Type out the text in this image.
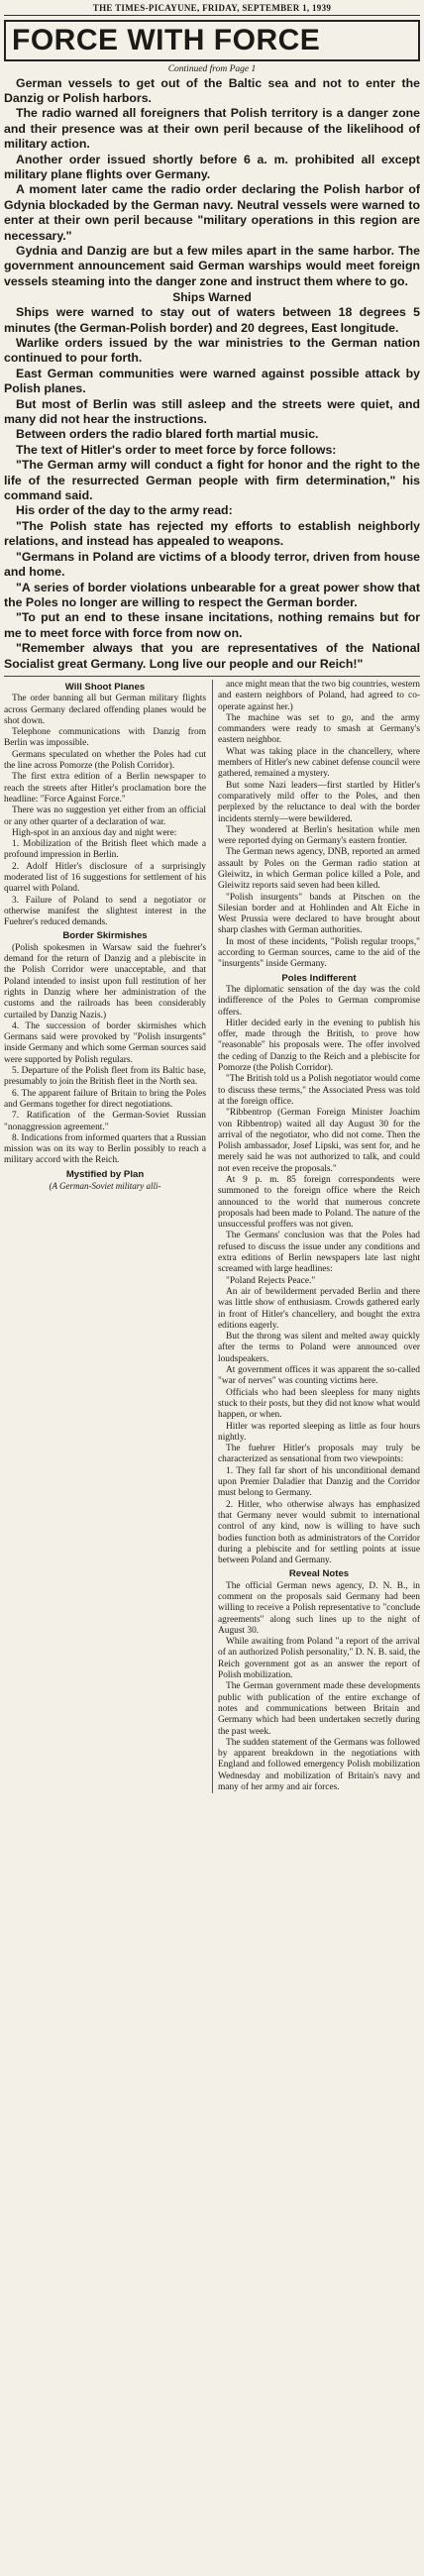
THE TIMES-PICAYUNE, FRIDAY, SEPTEMBER 1, 1939
FORCE WITH FORCE
Continued from Page 1

German vessels to get out of the Baltic sea and not to enter the Danzig or Polish harbors.

The radio warned all foreigners that Polish territory is a danger zone and their presence was at their own peril because of the likelihood of military action.

Another order issued shortly before 6 a. m. prohibited all except military plane flights over Germany.

A moment later came the radio order declaring the Polish harbor of Gdynia blockaded by the German navy. Neutral vessels were warned to enter at their own peril because "military operations in this region are necessary."

Gydnia and Danzig are but a few miles apart in the same harbor. The government announcement said German warships would meet foreign vessels steaming into the danger zone and instruct them where to go.

Ships Warned

Ships were warned to stay out of waters between 18 degrees 5 minutes (the German-Polish border) and 20 degrees, East longitude.

Warlike orders issued by the war ministries to the German nation continued to pour forth.

East German communities were warned against possible attack by Polish planes.

But most of Berlin was still asleep and the streets were quiet, and many did not hear the instructions.

Between orders the radio blared forth martial music.

The text of Hitler's order to meet force by force follows:

"The German army will conduct a fight for honor and the right to the life of the resurrected German people with firm determination," his command said.

His order of the day to the army read:

"The Polish state has rejected my efforts to establish neighborly relations, and instead has appealed to weapons.

"Germans in Poland are victims of a bloody terror, driven from house and home.

"A series of border violations unbearable for a great power show that the Poles no longer are willing to respect the German border.

"To put an end to these insane incitations, nothing remains but for me to meet force with force from now on.

"Remember always that you are representatives of the National Socialist great Germany. Long live our people and our Reich!"

Will Shoot Planes

The order banning all but German military flights across Germany declared offending planes would be shot down.

Telephone communications with Danzig from Berlin was impossible.

Germans speculated on whether the Poles had cut the line across Pomorze (the Polish Corridor).

The first extra edition of a Berlin newspaper to reach the streets after Hitler's proclamation bore the headline: "Force Against Force."

There was no suggestion yet either from an official or any other quarter of a declaration of war.

High-spot in an anxious day and night were:

1. Mobilization of the British fleet which made a profound impression in Berlin.

2. Adolf Hitler's disclosure of a surprisingly moderated list of 16 suggestions for settlement of his quarrel with Poland.

3. Failure of Poland to send a negotiator or otherwise manifest the slightest interest in the Fuehrer's reduced demands.

Border Skirmishes

(Polish spokesmen in Warsaw said the fuehrer's demand for the return of Danzig and a plebiscite in the Polish Corridor were unacceptable, and that Poland intended to insist upon full restitution of her rights in Danzig where her administration of the customs and the railroads has been considerably curtailed by Danzig Nazis.)

4. The succession of border skirmishes which Germans said were provoked by "Polish insurgents" inside Germany and which some German sources said were supported by Polish regulars.

5. Departure of the Polish fleet from its Baltic base, presumably to join the British fleet in the North sea.

6. The apparent failure of Britain to bring the Poles and Germans together for direct negotiations.

7. Ratification of the German-Soviet Russian "nonaggression agreement."

8. Indications from informed quarters that a Russian mission was on its way to Berlin possibly to reach a military accord with the Reich.

Mystified by Plan

(A German-Soviet military alli-

ance might mean that the two big countries, western and eastern neighbors of Poland, had agreed to co-operate against her.)

The machine was set to go, and the army commanders were ready to smash at Germany's eastern neighbor.

What was taking place in the chancellery, where members of Hitler's new cabinet defense council were gathered, remained a mystery.

But some Nazi leaders—first startled by Hitler's comparatively mild offer to the Poles, and then perplexed by the reluctance to deal with the border incidents sternly—were bewildered.

They wondered at Berlin's hesitation while men were reported dying on Germany's eastern frontier.

The German news agency, DNB, reported an armed assault by Poles on the German radio station at Gleiwitz, in which German police killed a Pole, and Gleiwitz reports said seven had been killed.

"Polish insurgents" bands at Pitschen on the Silesian border and at Hohlinden and Alt Eiche in West Prussia were declared to have brought about sharp clashes with German authorities.

In most of these incidents, "Polish regular troops," according to German sources, came to the aid of the "insurgents" inside Germany.

Poles Indifferent

The diplomatic sensation of the day was the cold indifference of the Poles to German compromise offers.

Hitler decided early in the evening to publish his offer, made through the British, to prove how "reasonable" his proposals were. The offer involved the ceding of Danzig to the Reich and a plebiscite for Pomorze (the Polish Corridor).

"The British told us a Polish negotiator would come to discuss these terms," the Associated Press was told at the foreign office.

"Ribbentrop (German Foreign Minister Joachim von Ribbentrop) waited all day August 30 for the arrival of the negotiator, who did not come. Then the Polish ambassador, Josef Lipski, was sent for, and he merely said he was not authorized to talk, and could not even receive the proposals."

At 9 p. m. 85 foreign correspondents were summoned to the foreign office where the Reich announced to the world that numerous concrete proposals had been made to Poland. The nature of the unsuccessful proffers was not given.

The Germans' conclusion was that the Poles had refused to discuss the issue under any conditions and extra editions of Berlin newspapers late last night screamed with large headlines:

"Poland Rejects Peace."

An air of bewilderment pervaded Berlin and there was little show of enthusiasm. Crowds gathered early in front of Hitler's chancellery, and bought the extra editions eagerly.

But the throng was silent and melted away quickly after the terms to Poland were announced over loudspeakers.

At government offices it was apparent the so-called "war of nerves" was counting victims here.

Officials who had been sleepless for many nights stuck to their posts, but they did not know what would happen, or when.

Hitler was reported sleeping as little as four hours nightly.

The fuehrer Hitler's proposals may truly be characterized as sensational from two viewpoints:

1. They fall far short of his unconditional demand upon Premier Daladier that Danzig and the Corridor must belong to Germany.

2. Hitler, who otherwise always has emphasized that Germany never would submit to international control of any kind, now is willing to have such bodies function both as administrators of the Corridor during a plebiscite and for settling points at issue between Poland and Germany.

Reveal Notes

The official German news agency, D. N. B., in comment on the proposals said Germany had been willing to receive a Polish representative to "conclude agreements" along such lines up to the night of August 30.

While awaiting from Poland "a report of the arrival of an authorized Polish personality," D. N. B. said, the Reich government got as an answer the report of Polish mobilization.

The German government made these developments public with publication of the entire exchange of notes and communications between Britain and Germany which had been undertaken secretly during the past week.

The sudden statement of the Germans was followed by apparent breakdown in the negotiations with England and followed emergency Polish mobilization Wednesday and mobilization of Britain's navy and many of her army and air forces.
